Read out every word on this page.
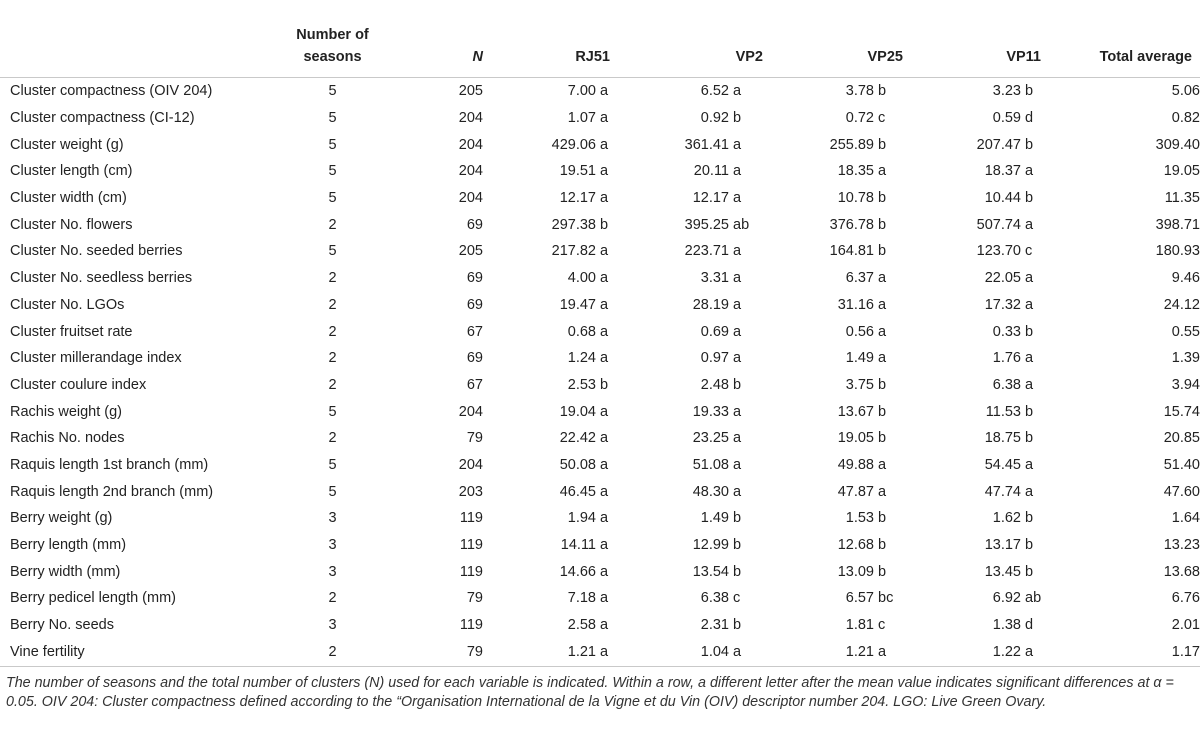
	Number of seasons	N	RJ51	VP2	VP25	VP11	Total average
Cluster compactness (OIV 204)	5	205	7.00 a	6.52 a	3.78 b	3.23 b	5.06
Cluster compactness (CI-12)	5	204	1.07 a	0.92 b	0.72 c	0.59 d	0.82
Cluster weight (g)	5	204	429.06 a	361.41 a	255.89 b	207.47 b	309.40
Cluster length (cm)	5	204	19.51 a	20.11 a	18.35 a	18.37 a	19.05
Cluster width (cm)	5	204	12.17 a	12.17 a	10.78 b	10.44 b	11.35
Cluster No. flowers	2	69	297.38 b	395.25 ab	376.78 b	507.74 a	398.71
Cluster No. seeded berries	5	205	217.82 a	223.71 a	164.81 b	123.70 c	180.93
Cluster No. seedless berries	2	69	4.00 a	3.31 a	6.37 a	22.05 a	9.46
Cluster No. LGOs	2	69	19.47 a	28.19 a	31.16 a	17.32 a	24.12
Cluster fruitset rate	2	67	0.68 a	0.69 a	0.56 a	0.33 b	0.55
Cluster millerandage index	2	69	1.24 a	0.97 a	1.49 a	1.76 a	1.39
Cluster coulure index	2	67	2.53 b	2.48 b	3.75 b	6.38 a	3.94
Rachis weight (g)	5	204	19.04 a	19.33 a	13.67 b	11.53 b	15.74
Rachis No. nodes	2	79	22.42 a	23.25 a	19.05 b	18.75 b	20.85
Raquis length 1st branch (mm)	5	204	50.08 a	51.08 a	49.88 a	54.45 a	51.40
Raquis length 2nd branch (mm)	5	203	46.45 a	48.30 a	47.87 a	47.74 a	47.60
Berry weight (g)	3	119	1.94 a	1.49 b	1.53 b	1.62 b	1.64
Berry length (mm)	3	119	14.11 a	12.99 b	12.68 b	13.17 b	13.23
Berry width (mm)	3	119	14.66 a	13.54 b	13.09 b	13.45 b	13.68
Berry pedicel length (mm)	2	79	7.18 a	6.38 c	6.57 bc	6.92 ab	6.76
Berry No. seeds	3	119	2.58 a	2.31 b	1.81 c	1.38 d	2.01
Vine fertility	2	79	1.21 a	1.04 a	1.21 a	1.22 a	1.17

The number of seasons and the total number of clusters (N) used for each variable is indicated. Within a row, a different letter after the mean value indicates significant differences at α = 0.05. OIV 204: Cluster compactness defined according to the “Organisation International de la Vigne et du Vin (OIV) descriptor number 204. LGO: Live Green Ovary.
